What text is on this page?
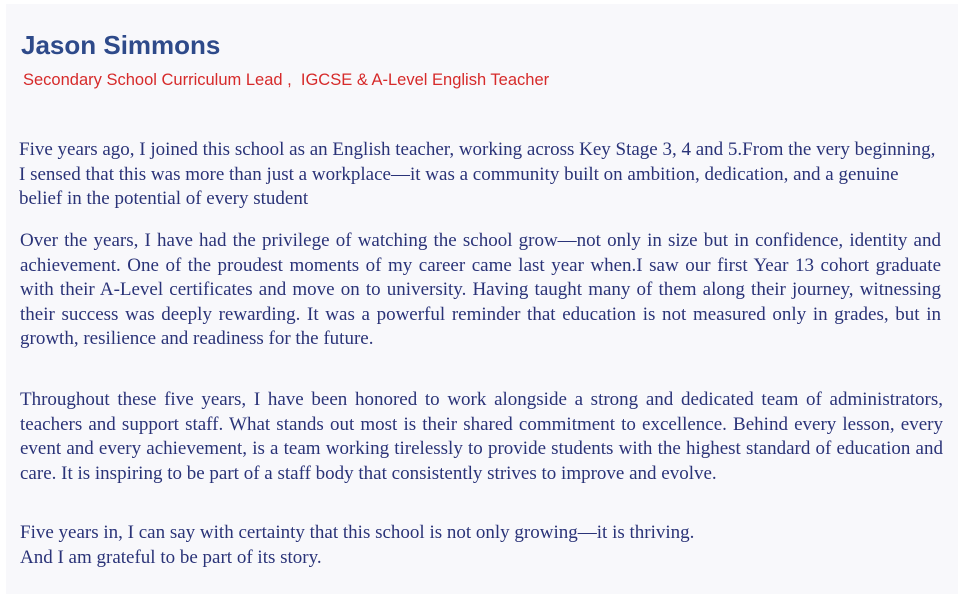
Jason Simmons

Secondary School Curriculum Lead ,  IGCSE & A-Level English Teacher

Five years ago, I joined this school as an English teacher, working across Key Stage 3, 4 and 5.From the very beginning, I sensed that this was more than just a workplace—it was a community built on ambition, dedication, and a genuine belief in the potential of every student

Over the years, I have had the privilege of watching the school grow—not only in size but in confidence, identity and achievement. One of the proudest moments of my career came last year when.I saw our first Year 13 cohort graduate with their A-Level certificates and move on to university. Having taught many of them along their journey, witnessing their success was deeply rewarding. It was a powerful reminder that education is not measured only in grades, but in growth, resilience and readiness for the future.

Throughout these five years, I have been honored to work alongside a strong and dedicated team of administrators, teachers and support staff. What stands out most is their shared commitment to excellence. Behind every lesson, every event and every achievement, is a team working tirelessly to provide students with the highest standard of education and care. It is inspiring to be part of a staff body that consistently strives to improve and evolve.

Five years in, I can say with certainty that this school is not only growing—it is thriving.
And I am grateful to be part of its story.
